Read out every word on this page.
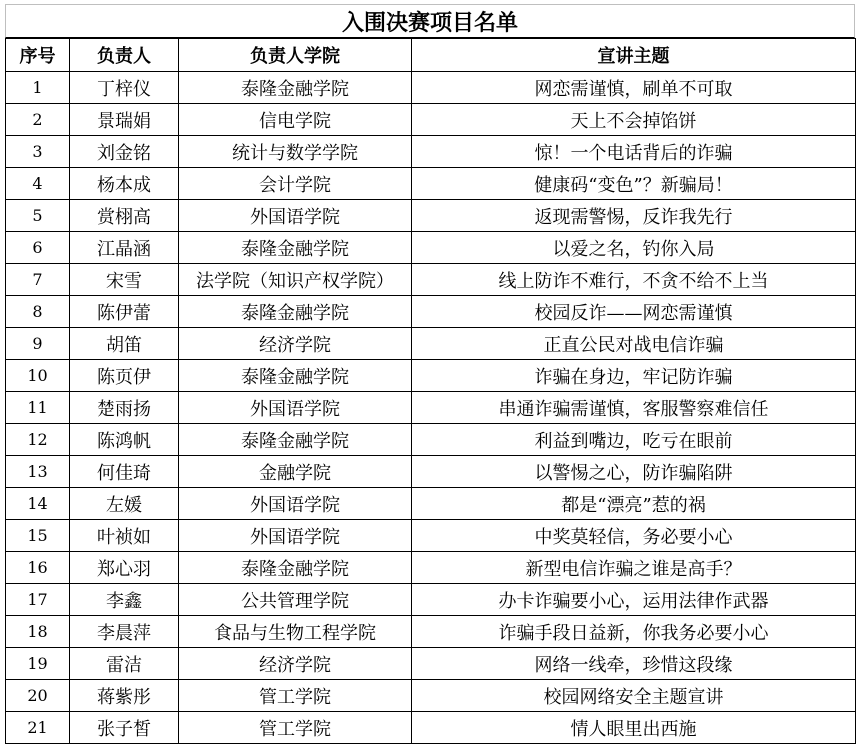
入围决赛项目名单
序号	负责人	负责人学院	宣讲主题
1	丁梓仪	泰隆金融学院	网恋需谨慎，刷单不可取
2	景瑞娟	信电学院	天上不会掉馅饼
3	刘金铭	统计与数学学院	惊！一个电话背后的诈骗
4	杨本成	会计学院	健康码“变色”？新骗局！
5	赏栩高	外国语学院	返现需警惕，反诈我先行
6	江晶涵	泰隆金融学院	以爱之名，钓你入局
7	宋雪	法学院（知识产权学院）	线上防诈不难行，不贪不给不上当
8	陈伊蕾	泰隆金融学院	校园反诈——网恋需谨慎
9	胡笛	经济学院	正直公民对战电信诈骗
10	陈页伊	泰隆金融学院	诈骗在身边，牢记防诈骗
11	楚雨扬	外国语学院	串通诈骗需谨慎，客服警察难信任
12	陈鸿帆	泰隆金融学院	利益到嘴边，吃亏在眼前
13	何佳琦	金融学院	以警惕之心，防诈骗陷阱
14	左媛	外国语学院	都是“漂亮”惹的祸
15	叶祯如	外国语学院	中奖莫轻信，务必要小心
16	郑心羽	泰隆金融学院	新型电信诈骗之谁是高手？
17	李鑫	公共管理学院	办卡诈骗要小心，运用法律作武器
18	李晨萍	食品与生物工程学院	诈骗手段日益新，你我务必要小心
19	雷洁	经济学院	网络一线牵，珍惜这段缘
20	蒋紫彤	管工学院	校园网络安全主题宣讲
21	张子皙	管工学院	情人眼里出西施
